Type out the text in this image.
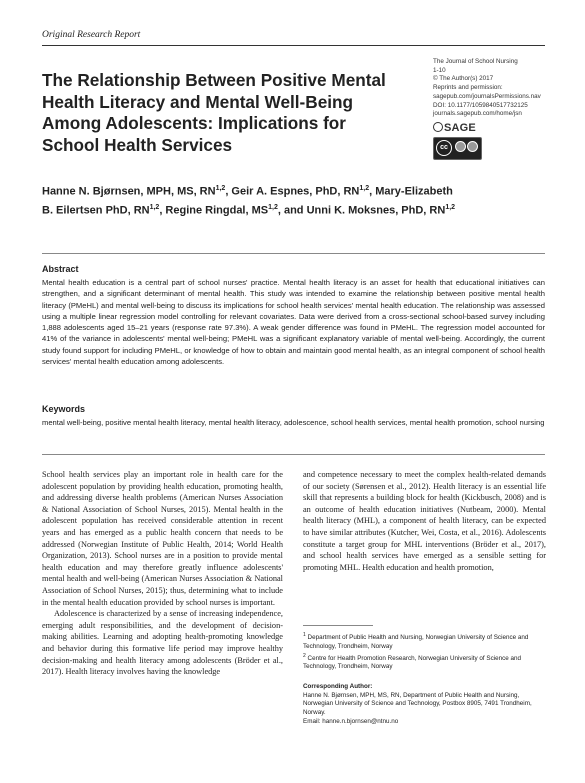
Original Research Report
The Relationship Between Positive Mental Health Literacy and Mental Well-Being Among Adolescents: Implications for School Health Services
The Journal of School Nursing
1-10
© The Author(s) 2017
Reprints and permission:
sagepub.com/journalsPermissions.nav
DOI: 10.1177/1059840517732125
journals.sagepub.com/home/jsn
SAGE
cc
Hanne N. Bjørnsen, MPH, MS, RN$^{1,2}$, Geir A. Espnes, PhD, RN$^{1,2}$, Mary-Elizabeth B. Eilertsen PhD, RN$^{1,2}$, Regine Ringdal, MS$^{1,2}$, and Unni K. Moksnes, PhD, RN$^{1,2}$
Abstract
Mental health education is a central part of school nurses' practice. Mental health literacy is an asset for health that educational initiatives can strengthen, and a significant determinant of mental health. This study was intended to examine the relationship between positive mental health literacy (PMeHL) and mental well-being to discuss its implications for school health services' mental health education. The relationship was assessed using a multiple linear regression model controlling for relevant covariates. Data were derived from a cross-sectional school-based survey including 1,888 adolescents aged 15–21 years (response rate 97.3%). A weak gender difference was found in PMeHL. The regression model accounted for 41% of the variance in adolescents' mental well-being; PMeHL was a significant explanatory variable of mental well-being. Accordingly, the current study found support for including PMeHL, or knowledge of how to obtain and maintain good mental health, as an integral component of school health services' mental health education among adolescents.
Keywords
mental well-being, positive mental health literacy, mental health literacy, adolescence, school health services, mental health promotion, school nursing

School health services play an important role in health care for the adolescent population by providing health education, promoting health, and addressing diverse health problems (American Nurses Association & National Association of School Nurses, 2015). Mental health in the adolescent population has received considerable attention in recent years and has emerged as a public health concern that needs to be addressed (Norwegian Institute of Public Health, 2014; World Health Organization, 2013). School nurses are in a position to provide mental health education and may therefore greatly influence adolescents' mental health and well-being (American Nurses Association & National Association of School Nurses, 2015); thus, determining what to include in the mental health education provided by school nurses is important.

Adolescence is characterized by a sense of increasing independence, emerging adult responsibilities, and the development of decision-making abilities. Learning and adopting health-promoting knowledge and behavior during this formative life period may improve healthy decision-making and health literacy among adolescents (Bröder et al., 2017). Health literacy involves having the knowledge

and competence necessary to meet the complex health-related demands of our society (Sørensen et al., 2012). Health literacy is an essential life skill that represents a building block for health (Kickbusch, 2008) and is an outcome of health education initiatives (Nutbeam, 2000). Mental health literacy (MHL), a component of health literacy, can be expected to have similar attributes (Kutcher, Wei, Costa, et al., 2016). Adolescents constitute a target group for MHL interventions (Bröder et al., 2017), and school health services have emerged as a sensible setting for promoting MHL. Health education and health promotion,

$^1$ Department of Public Health and Nursing, Norwegian University of Science and Technology, Trondheim, Norway
$^2$ Centre for Health Promotion Research, Norwegian University of Science and Technology, Trondheim, Norway
Corresponding Author:
Hanne N. Bjørnsen, MPH, MS, RN, Department of Public Health and Nursing, Norwegian University of Science and Technology, Postbox 8905, 7491 Trondheim, Norway.
Email: hanne.n.bjornsen@ntnu.no
